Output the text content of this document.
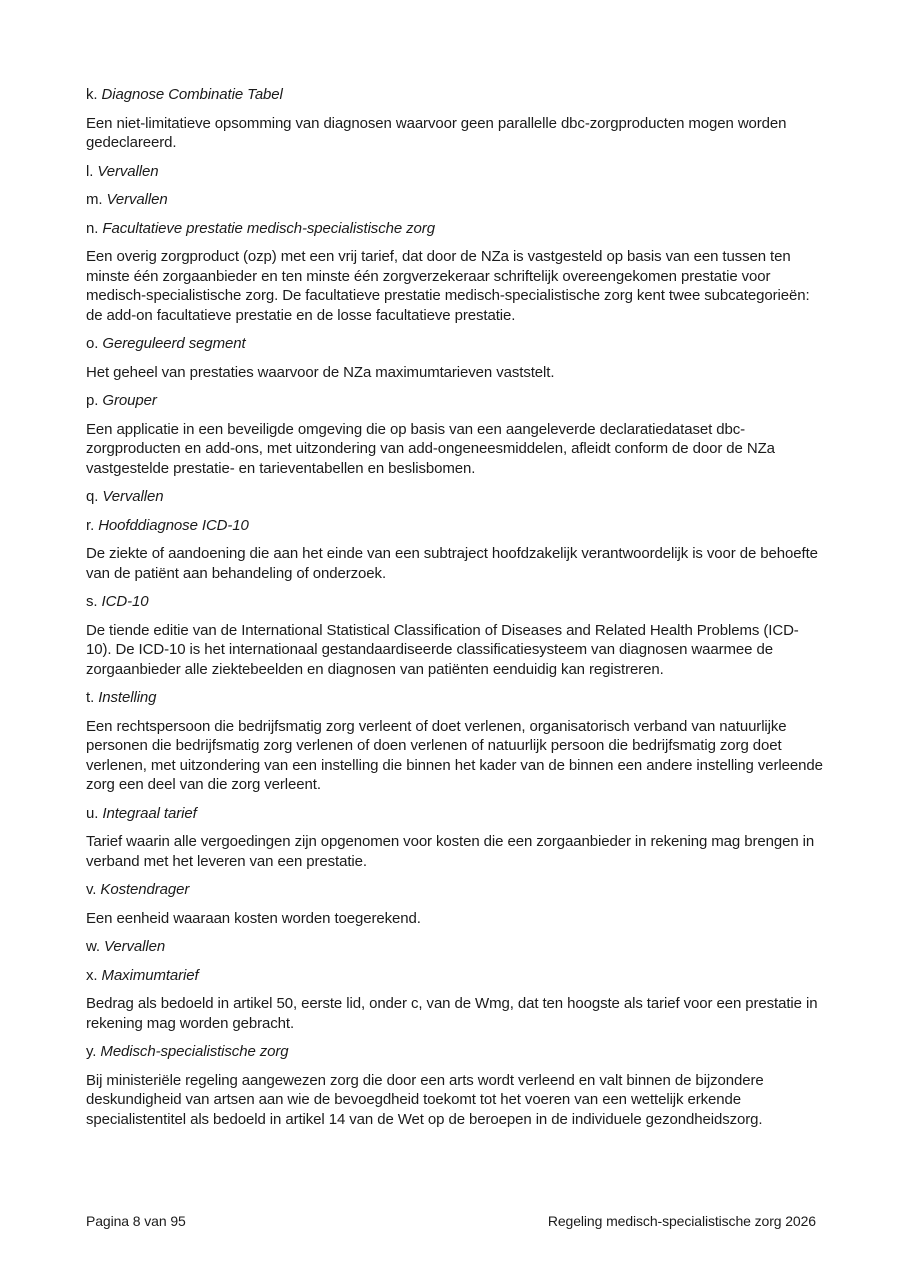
k. Diagnose Combinatie Tabel

Een niet-limitatieve opsomming van diagnosen waarvoor geen parallelle dbc-zorgproducten mogen worden gedeclareerd.

l. Vervallen

m. Vervallen

n. Facultatieve prestatie medisch-specialistische zorg

Een overig zorgproduct (ozp) met een vrij tarief, dat door de NZa is vastgesteld op basis van een tussen ten minste één zorgaanbieder en ten minste één zorgverzekeraar schriftelijk overeengekomen prestatie voor medisch-specialistische zorg. De facultatieve prestatie medisch-specialistische zorg kent twee subcategorieën: de add-on facultatieve prestatie en de losse facultatieve prestatie.

o. Gereguleerd segment

Het geheel van prestaties waarvoor de NZa maximumtarieven vaststelt.

p. Grouper

Een applicatie in een beveiligde omgeving die op basis van een aangeleverde declaratiedataset dbc-zorgproducten en add-ons, met uitzondering van add-ongeneesmiddelen, afleidt conform de door de NZa vastgestelde prestatie- en tarieventabellen en beslisbomen.

q. Vervallen

r. Hoofddiagnose ICD-10

De ziekte of aandoening die aan het einde van een subtraject hoofdzakelijk verantwoordelijk is voor de behoefte van de patiënt aan behandeling of onderzoek.

s. ICD-10

De tiende editie van de International Statistical Classification of Diseases and Related Health Problems (ICD-10). De ICD-10 is het internationaal gestandaardiseerde classificatiesysteem van diagnosen waarmee de zorgaanbieder alle ziektebeelden en diagnosen van patiënten eenduidig kan registreren.

t. Instelling

Een rechtspersoon die bedrijfsmatig zorg verleent of doet verlenen, organisatorisch verband van natuurlijke personen die bedrijfsmatig zorg verlenen of doen verlenen of natuurlijk persoon die bedrijfsmatig zorg doet verlenen, met uitzondering van een instelling die binnen het kader van de binnen een andere instelling verleende zorg een deel van die zorg verleent.

u. Integraal tarief

Tarief waarin alle vergoedingen zijn opgenomen voor kosten die een zorgaanbieder in rekening mag brengen in verband met het leveren van een prestatie.

v. Kostendrager

Een eenheid waaraan kosten worden toegerekend.

w. Vervallen

x. Maximumtarief

Bedrag als bedoeld in artikel 50, eerste lid, onder c, van de Wmg, dat ten hoogste als tarief voor een prestatie in rekening mag worden gebracht.

y. Medisch-specialistische zorg

Bij ministeriële regeling aangewezen zorg die door een arts wordt verleend en valt binnen de bijzondere deskundigheid van artsen aan wie de bevoegdheid toekomt tot het voeren van een wettelijk erkende specialistentitel als bedoeld in artikel 14 van de Wet op de beroepen in de individuele gezondheidszorg.

Pagina 8 van 95	Regeling medisch-specialistische zorg 2026
